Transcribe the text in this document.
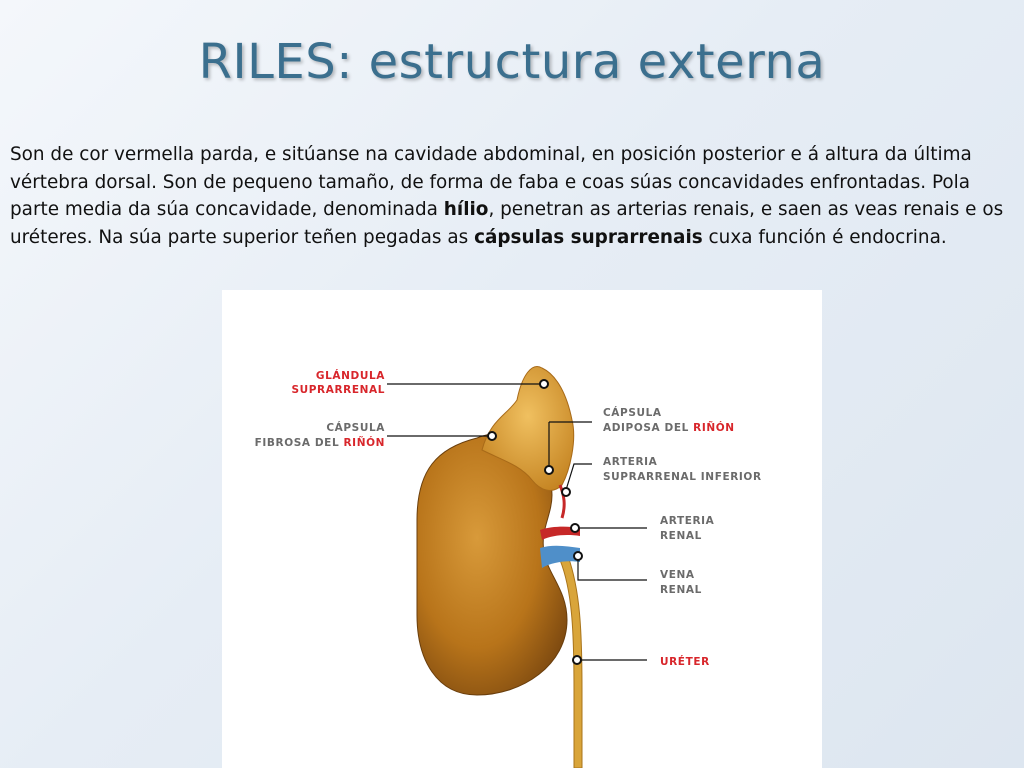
RILES: estructura externa
Son de cor vermella parda, e sitúanse na cavidade abdominal, en posición posterior e á altura da última vértebra dorsal. Son de pequeno tamaño, de forma de faba e coas súas concavidades enfrontadas. Pola parte media da súa concavidade, denominada hílio, penetran as arterias renais, e saen as veas renais e os uréteres. Na súa parte superior teñen pegadas as cápsulas suprarrenais cuxa función é endocrina.
GLÁNDULA
SUPRARRENAL
CÁPSULA
FIBROSA DEL RIÑÓN
CÁPSULA
ADIPOSA DEL RIÑÓN
ARTERIA
SUPRARRENAL INFERIOR
ARTERIA
RENAL
VENA
RENAL
URÉTER
